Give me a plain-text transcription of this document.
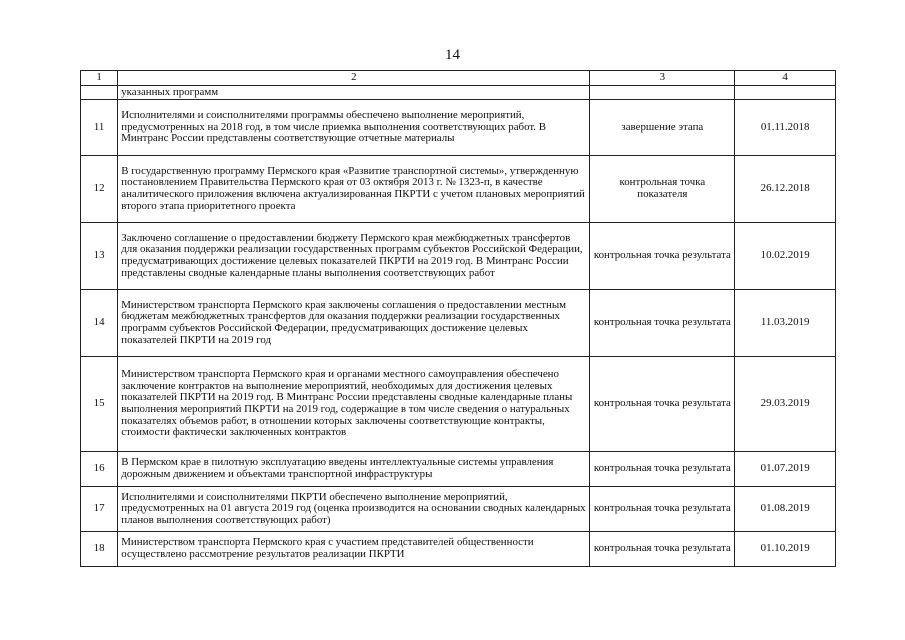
14
1	2	3	4
	указанных программ		
11	Исполнителями и соисполнителями программы обеспечено выполнение мероприятий, предусмотренных на 2018 год, в том числе приемка выполнения соответствующих работ. В Минтранс России представлены соответствующие отчетные материалы	завершение этапа	01.11.2018
12	В государственную программу Пермского края «Развитие транспортной системы», утвержденную постановлением Правительства Пермского края от 03 октября 2013 г. № 1323-п, в качестве аналитического приложения включена актуализированная ПКРТИ с учетом плановых мероприятий второго этапа приоритетного проекта	контрольная точка показателя	26.12.2018
13	Заключено соглашение о предоставлении бюджету Пермского края межбюджетных трансфертов для оказания поддержки реализации государственных программ субъектов Российской Федерации, предусматривающих достижение целевых показателей ПКРТИ на 2019 год. В Минтранс России представлены сводные календарные планы выполнения соответствующих работ	контрольная точка результата	10.02.2019
14	Министерством транспорта Пермского края заключены соглашения о предоставлении местным бюджетам межбюджетных трансфертов для оказания поддержки реализации государственных программ субъектов Российской Федерации, предусматривающих достижение целевых показателей ПКРТИ на 2019 год	контрольная точка результата	11.03.2019
15	Министерством транспорта Пермского края и органами местного самоуправления обеспечено заключение контрактов на выполнение мероприятий, необходимых для достижения целевых показателей ПКРТИ на 2019 год. В Минтранс России представлены сводные календарные планы выполнения мероприятий ПКРТИ на 2019 год, содержащие в том числе сведения о натуральных показателях объемов работ, в отношении которых заключены соответствующие контракты, стоимости фактически заключенных контрактов	контрольная точка результата	29.03.2019
16	В Пермском крае в пилотную эксплуатацию введены интеллектуальные системы управления дорожным движением и объектами транспортной инфраструктуры	контрольная точка результата	01.07.2019
17	Исполнителями и соисполнителями ПКРТИ обеспечено выполнение мероприятий, предусмотренных на 01 августа 2019 год (оценка производится на основании сводных календарных планов выполнения соответствующих работ)	контрольная точка результата	01.08.2019
18	Министерством транспорта Пермского края с участием представителей общественности осуществлено рассмотрение результатов реализации ПКРТИ	контрольная точка результата	01.10.2019
